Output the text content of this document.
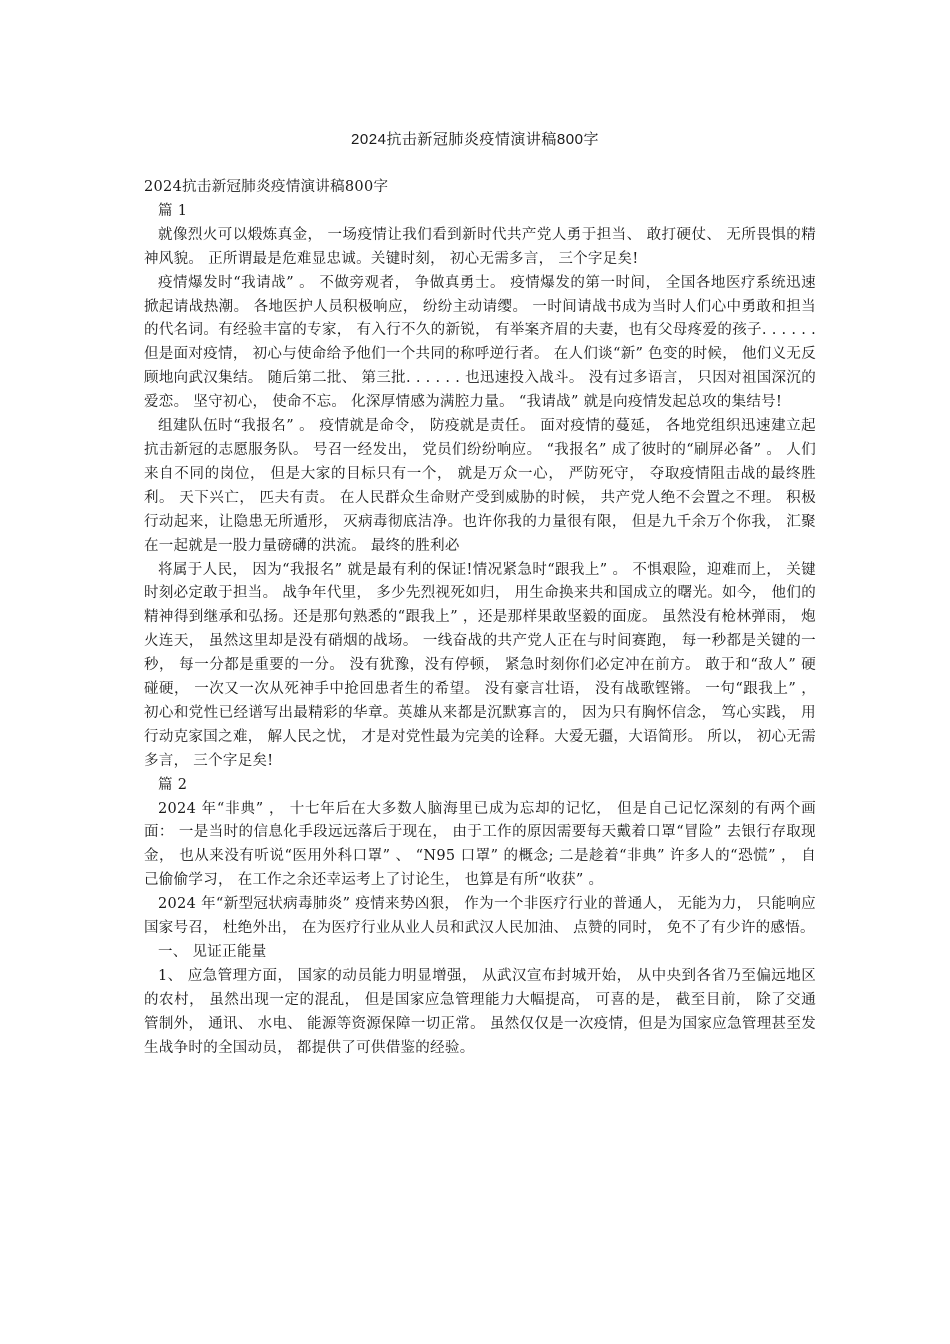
2024抗击新冠肺炎疫情演讲稿800字

2024抗击新冠肺炎疫情演讲稿800字

篇 1

就像烈火可以煅炼真金， 一场疫情让我们看到新时代共产党人勇于担当、 敢打硬仗、 无所畏惧的精神风貌。 正所谓最是危难显忠诚。关键时刻， 初心无需多言， 三个字足矣!

疫情爆发时“我请战” 。 不做旁观者， 争做真勇士。 疫情爆发的第一时间， 全国各地医疗系统迅速掀起请战热潮。 各地医护人员积极响应， 纷纷主动请缨。 一时间请战书成为当时人们心中勇敢和担当的代名词。有经验丰富的专家， 有入行不久的新锐， 有举案齐眉的夫妻，也有父母疼爱的孩子. . . . . . 但是面对疫情， 初心与使命给予他们一个共同的称呼逆行者。 在人们谈“新” 色变的时候， 他们义无反顾地向武汉集结。 随后第二批、 第三批. . . . . . 也迅速投入战斗。 没有过多语言， 只因对祖国深沉的爱恋。 坚守初心， 使命不忘。 化深厚情感为满腔力量。 “我请战” 就是向疫情发起总攻的集结号!

组建队伍时“我报名” 。 疫情就是命令， 防疫就是责任。 面对疫情的蔓延， 各地党组织迅速建立起抗击新冠的志愿服务队。 号召一经发出， 党员们纷纷响应。 “我报名” 成了彼时的“刷屏必备” 。 人们来自不同的岗位， 但是大家的目标只有一个， 就是万众一心， 严防死守， 夺取疫情阻击战的最终胜利。 天下兴亡， 匹夫有责。 在人民群众生命财产受到威胁的时候， 共产党人绝不会置之不理。 积极行动起来，让隐患无所遁形， 灭病毒彻底洁净。也许你我的力量很有限， 但是九千余万个你我， 汇聚在一起就是一股力量磅礴的洪流。 最终的胜利必

将属于人民， 因为“我报名” 就是最有利的保证!情况紧急时“跟我上” 。 不惧艰险，迎难而上， 关键时刻必定敢于担当。 战争年代里， 多少先烈视死如归， 用生命换来共和国成立的曙光。如今， 他们的精神得到继承和弘扬。还是那句熟悉的“跟我上” ，还是那样果敢坚毅的面庞。 虽然没有枪林弹雨， 炮火连天， 虽然这里却是没有硝烟的战场。 一线奋战的共产党人正在与时间赛跑， 每一秒都是关键的一秒， 每一分都是重要的一分。 没有犹豫，没有停顿， 紧急时刻你们必定冲在前方。 敢于和“敌人” 硬碰硬， 一次又一次从死神手中抢回患者生的希望。 没有豪言壮语， 没有战歌铿锵。 一句“跟我上” ， 初心和党性已经谱写出最精彩的华章。英雄从来都是沉默寡言的， 因为只有胸怀信念， 笃心实践， 用行动克家国之难， 解人民之忧， 才是对党性最为完美的诠释。大爱无疆，大语简形。 所以， 初心无需多言， 三个字足矣!

篇 2

2024 年“非典” ， 十七年后在大多数人脑海里已成为忘却的记忆， 但是自己记忆深刻的有两个画面： 一是当时的信息化手段远远落后于现在， 由于工作的原因需要每天戴着口罩“冒险” 去银行存取现金， 也从来没有听说“医用外科口罩” 、 “N95 口罩” 的概念; 二是趁着“非典” 许多人的“恐慌” ， 自己偷偷学习， 在工作之余还幸运考上了讨论生， 也算是有所“收获” 。

2024 年“新型冠状病毒肺炎” 疫情来势凶狠， 作为一个非医疗行业的普通人， 无能为力， 只能响应国家号召， 杜绝外出， 在为医疗行业从业人员和武汉人民加油、 点赞的同时， 免不了有少许的感悟。

一、 见证正能量

1、 应急管理方面， 国家的动员能力明显增强， 从武汉宣布封城开始， 从中央到各省乃至偏远地区的农村， 虽然出现一定的混乱， 但是国家应急管理能力大幅提高， 可喜的是， 截至目前， 除了交通管制外， 通讯、 水电、 能源等资源保障一切正常。 虽然仅仅是一次疫情，但是为国家应急管理甚至发生战争时的全国动员， 都提供了可供借鉴的经验。
